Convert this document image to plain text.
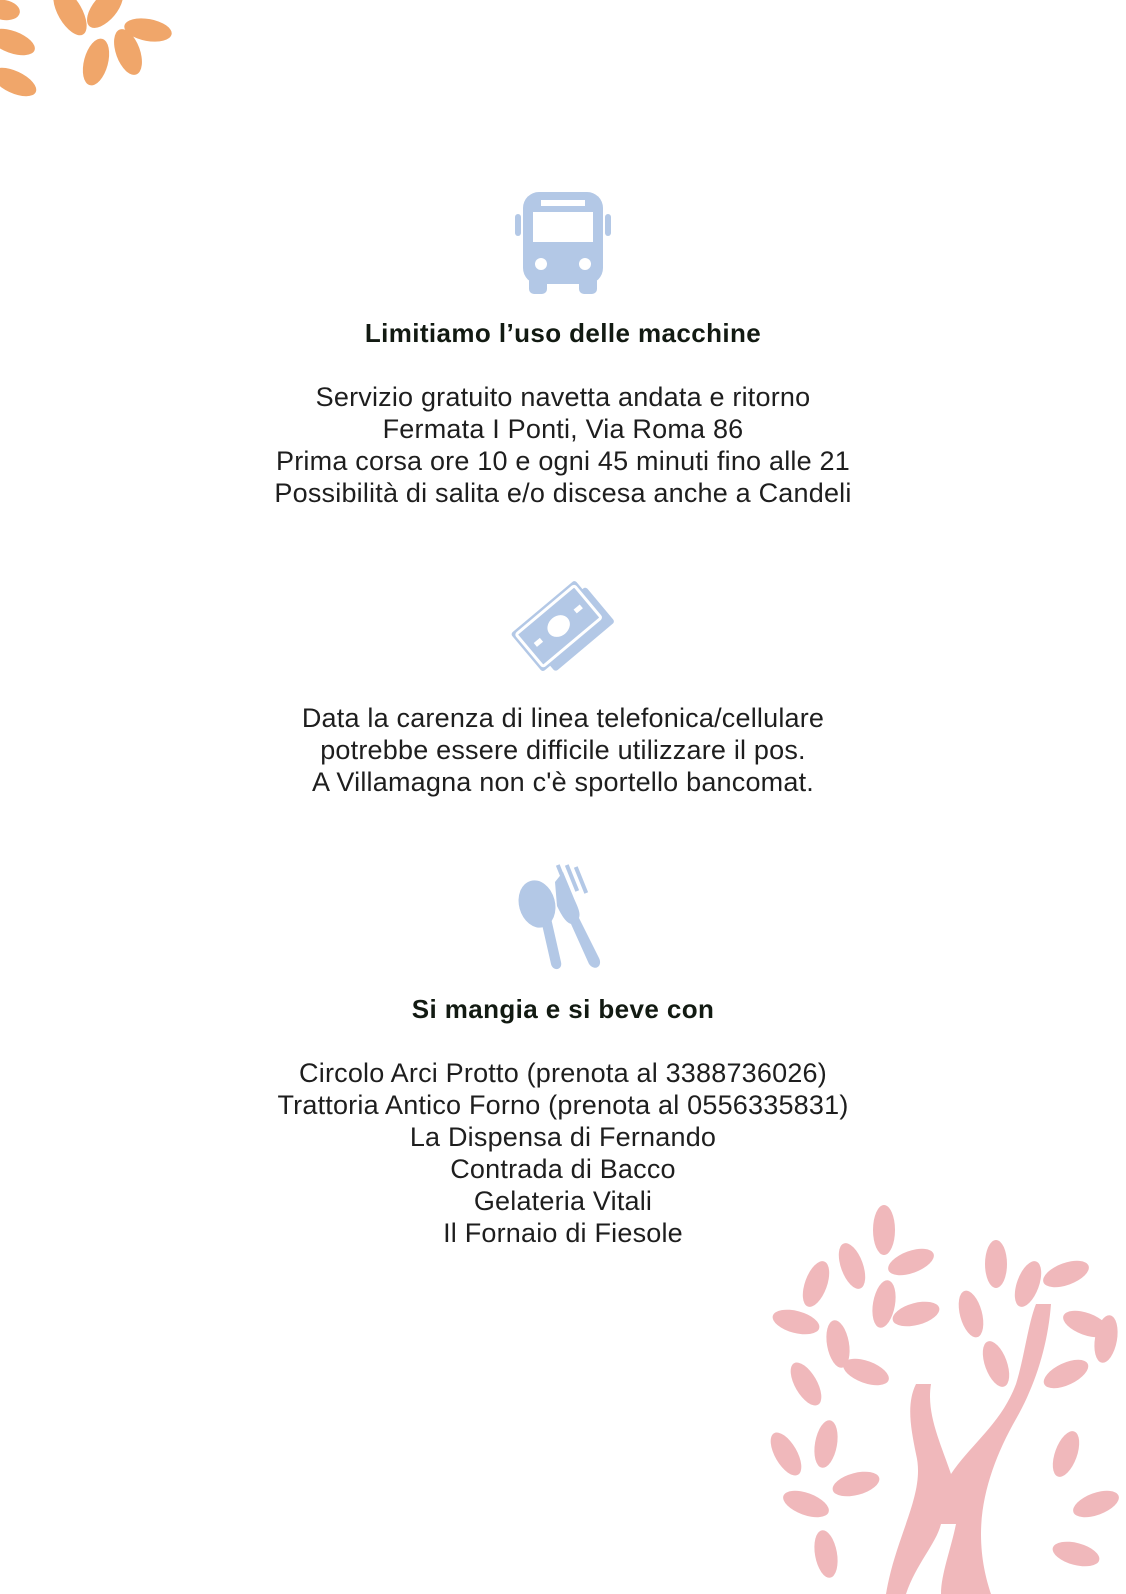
Limitiamo l’uso delle macchine
Servizio gratuito navetta andata e ritorno
Fermata I Ponti, Via Roma 86
Prima corsa ore 10 e ogni 45 minuti fino alle 21
Possibilità di salita e/o discesa anche a Candeli
Data la carenza di linea telefonica/cellulare
potrebbe essere difficile utilizzare il pos.
A Villamagna non c'è sportello bancomat.
Si mangia e si beve con
Circolo Arci Protto (prenota al 3388736026)
Trattoria Antico Forno (prenota al 0556335831)
La Dispensa di Fernando
Contrada di Bacco
Gelateria Vitali
Il Fornaio di Fiesole
